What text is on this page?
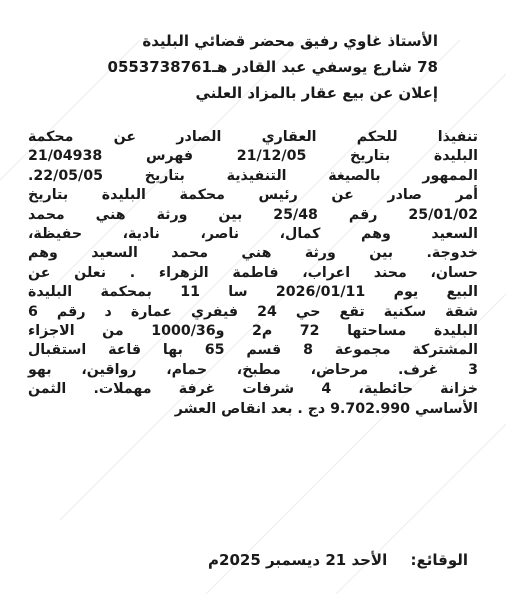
الأستاذ غاوي رفيق محضر قضائي البليدة
78 شارع يوسفي عبد القادر هـ0553738761
إعلان عن بيع عقار بالمزاد العلني
تنفيذا للحكم العقاري الصادر عن محكمة
البليدة بتاريخ 21/12/05 فهرس 21/04938
الممهور بالصيغة التنفيذية بتاريخ 22/05/05.
أمر صادر عن رئيس محكمة البليدة بتاريخ
25/01/02 رقم 25/48 بين ورثة هني محمد
السعيد وهم كمال، ناصر، نادية، حفيظة،
خدوجة. بين ورثة هني محمد السعيد وهم
حسان، محند اعراب، فاطمة الزهراء . نعلن عن
البيع يوم 2026/01/11 سا 11 بمحكمة البليدة
شقة سكنية تقع حي 24 فيفري عمارة د رقم 6
البليدة مساحتها 72 م2 و1000/36 من الاجزاء
المشتركة مجموعة 8 قسم 65 بها قاعة استقبال
3 غرف. مرحاض، مطبخ، حمام، رواقين، بهو
خزانة حائطية، 4 شرفات غرفة مهملات. الثمن
الأساسي 9.702.990 دج . بعد انقاص العشر
الوقائع: الأحد 21 ديسمبر 2025م
